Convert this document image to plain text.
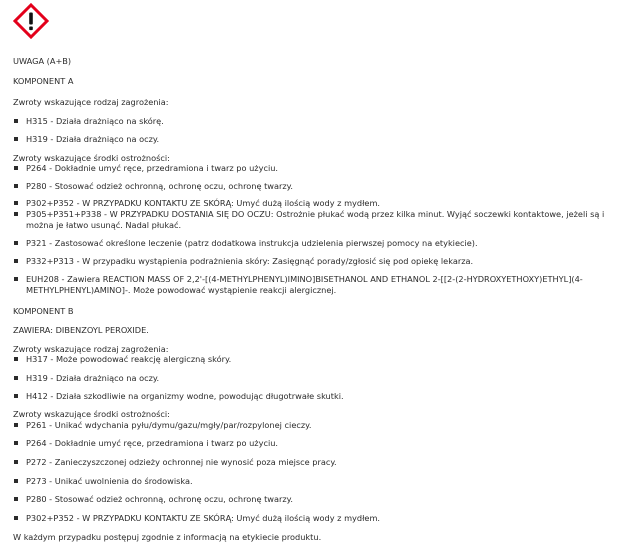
UWAGA (A+B)
KOMPONENT A
Zwroty wskazujące rodzaj zagrożenia:
H315 - Działa drażniąco na skórę.
H319 - Działa drażniąco na oczy.
Zwroty wskazujące środki ostrożności:
P264 - Dokładnie umyć ręce, przedramiona i twarz po użyciu.
P280 - Stosować odzież ochronną, ochronę oczu, ochronę twarzy.
P302+P352 - W PRZYPADKU KONTAKTU ZE SKÓRĄ: Umyć dużą ilością wody z mydłem.
P305+P351+P338 - W PRZYPADKU DOSTANIA SIĘ DO OCZU: Ostrożnie płukać wodą przez kilka minut. Wyjąć soczewki kontaktowe, jeżeli są i można je łatwo usunąć. Nadal płukać.
P321 - Zastosować określone leczenie (patrz dodatkowa instrukcja udzielenia pierwszej pomocy na etykiecie).
P332+P313 - W przypadku wystąpienia podrażnienia skóry: Zasięgnąć porady/zgłosić się pod opiekę lekarza.
EUH208 - Zawiera REACTION MASS OF 2,2'-[(4-METHYLPHENYL)IMINO]BISETHANOL AND ETHANOL 2-[[2-(2-HYDROXYETHOXY)ETHYL](4-METHYLPHENYL)AMINO]-. Może powodować wystąpienie reakcji alergicznej.
KOMPONENT B
ZAWIERA: DIBENZOYL PEROXIDE.
Zwroty wskazujące rodzaj zagrożenia:
H317 - Może powodować reakcję alergiczną skóry.
H319 - Działa drażniąco na oczy.
H412 - Działa szkodliwie na organizmy wodne, powodując długotrwałe skutki.
Zwroty wskazujące środki ostrożności:
P261 - Unikać wdychania pyłu/dymu/gazu/mgły/par/rozpylonej cieczy.
P264 - Dokładnie umyć ręce, przedramiona i twarz po użyciu.
P272 - Zanieczyszczonej odzieży ochronnej nie wynosić poza miejsce pracy.
P273 - Unikać uwolnienia do środowiska.
P280 - Stosować odzież ochronną, ochronę oczu, ochronę twarzy.
P302+P352 - W PRZYPADKU KONTAKTU ZE SKÓRĄ: Umyć dużą ilością wody z mydłem.
W każdym przypadku postępuj zgodnie z informacją na etykiecie produktu.
